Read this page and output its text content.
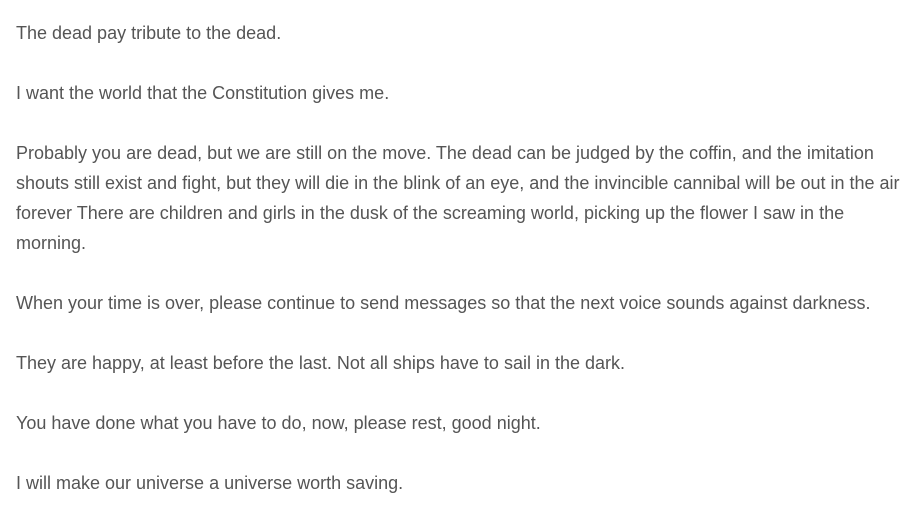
The dead pay tribute to the dead.

I want the world that the Constitution gives me.

Probably you are dead, but we are still on the move. The dead can be judged by the coffin, and the imitation shouts still exist and fight, but they will die in the blink of an eye, and the invincible cannibal will be out in the air forever There are children and girls in the dusk of the screaming world, picking up the flower I saw in the morning.

When your time is over, please continue to send messages so that the next voice sounds against darkness.

They are happy, at least before the last. Not all ships have to sail in the dark.

You have done what you have to do, now, please rest, good night.

I will make our universe a universe worth saving.
